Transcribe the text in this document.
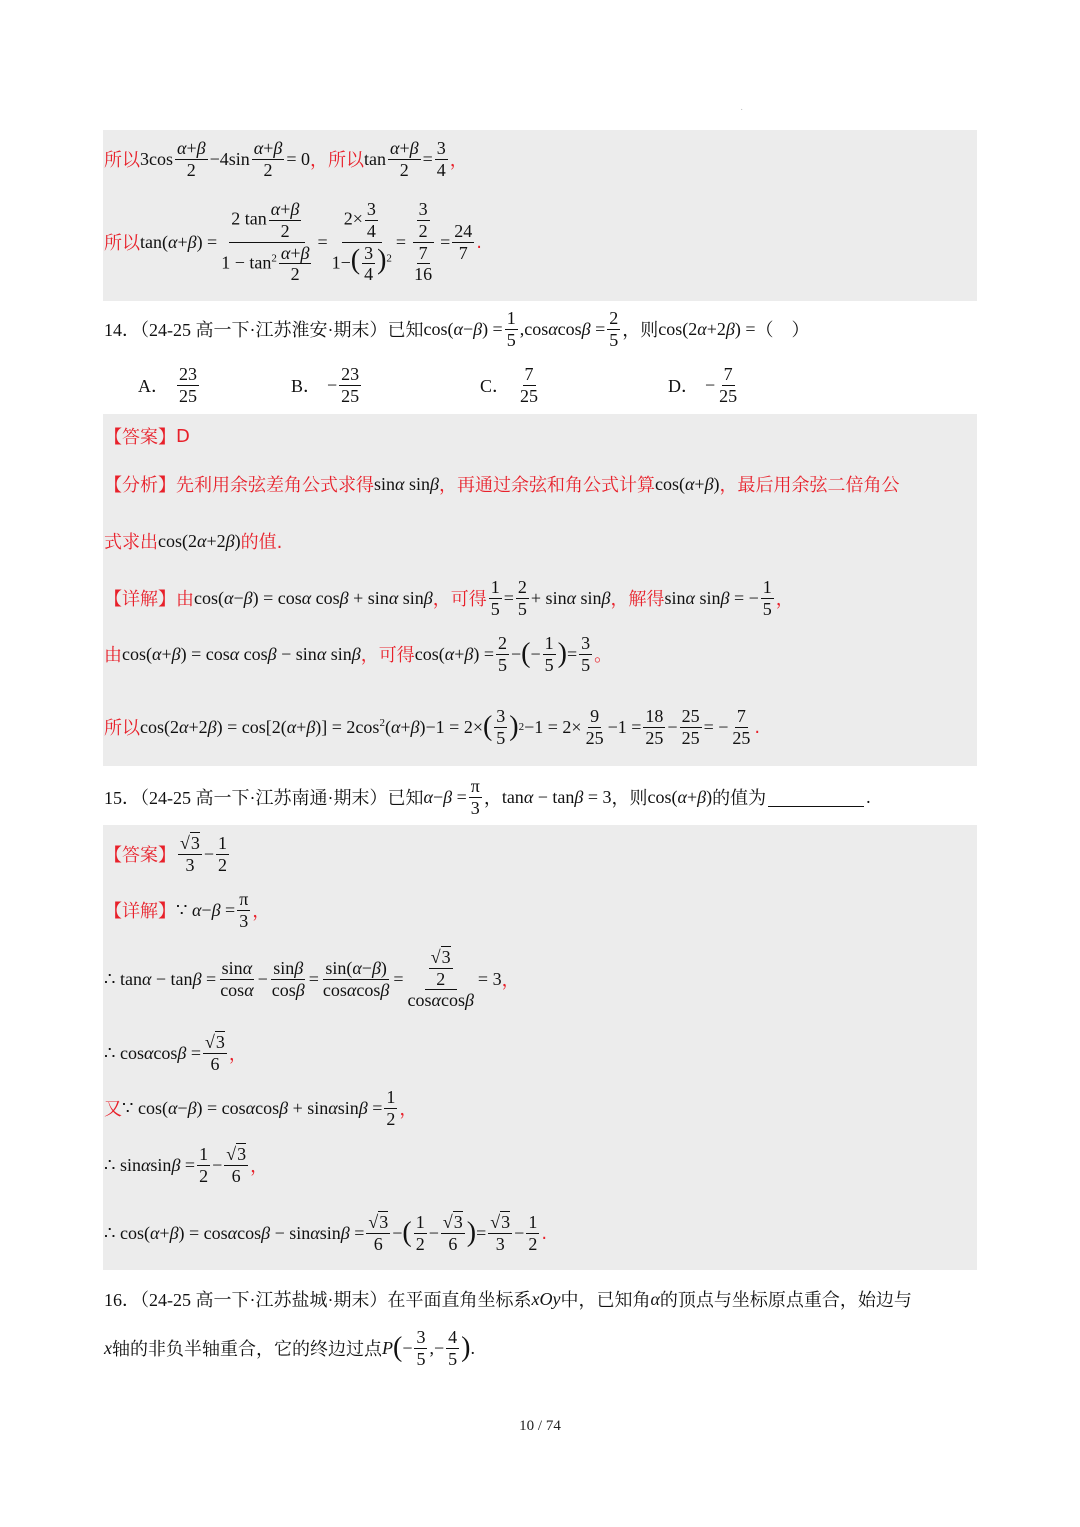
˙
所以 $3\cos \frac{\alpha+\beta}{2} -4\sin \frac{\alpha+\beta}{2} = 0$ ，所以 $\tan \frac{\alpha+\beta}{2} = \frac{3}{4}$ ，
所以 $\tan(\alpha+\beta) = \frac{2 \tan \frac{\alpha+\beta}{2}}{1 - \tan^2 \frac{\alpha+\beta}{2}} = \frac{2\times \frac{3}{4}}{1-( \frac{3}{4} )^2} = \frac{\frac{3}{2}}{\frac{7}{16}} = \frac{24}{7}$ .
14．（24-25 高一下·江苏淮安·期末）已知 $\cos(\alpha-\beta) = \frac{1}{5} ,\cos\alpha\cos\beta = \frac{2}{5}$ ，则 cos(2α+2β) = （　）
A． $\frac{23}{25}$	B． − $\frac{23}{25}$	C． $\frac{7}{25}$	D． − $\frac{7}{25}$
【答案】 D
【分析】 先利用余弦差角公式求得 sinα sinβ ，再通过余弦和角公式计算 cos(α+β) ，最后用余弦二倍角公
式求出 cos(2α+2β) 的值.
【详解】 由 cos(α−β) = cosα cosβ + sinα sinβ ，可得 $\frac{1}{5} = \frac{2}{5} + \sin\alpha$ sinβ ，解得 sinα sinβ = − $\frac{1}{5}$ ，
由 cos(α+β) = cosα cosβ − sinα sinβ ，可得 $\cos(\alpha+\beta) = \frac{2}{5}$ − ( − $\frac{1}{5}$ ) = $\frac{3}{5}$ 。
所以 $\cos(2\alpha+2\beta) = \cos[2(\alpha+\beta)] = 2\cos^2(\alpha+\beta)-1 = 2\times$ ( $\frac{3}{5}$ ) $2 -1 = 2\times \frac{9}{25} -1 = \frac{18}{25} - \frac{25}{25}$ = − $\frac{7}{25}$ .
15．（24-25 高一下·江苏南通·期末）已知 $\alpha-\beta = \frac{\pi}{3}$ ， tanα − tanβ = 3 ，则 cos(α+β) 的值为	.
【答案】 $\frac{√3}{3} - \frac{1}{2}$
【详解】 ∵ $\alpha-\beta = \frac{\pi}{3}$ ，
∴ $\tan\alpha - \tan\beta = \frac{\sin\alpha}{\cos\alpha} - \frac{\sin\beta}{\cos\beta} = \frac{\sin(\alpha-\beta)}{\cos\alpha\cos\beta} = \frac{\frac{√3}{2}}{\cos\alpha\cos\beta} = 3$ ，
∴ $\cos\alpha\cos\beta = \frac{√3}{6}$ ，
又 ∵ $\cos(\alpha-\beta) = \cos\alpha\cos\beta + \sin\alpha\sin\beta = \frac{1}{2}$ ，
∴ $\sin\alpha\sin\beta = \frac{1}{2} - \frac{√3}{6}$ ，
∴ $\cos(\alpha+\beta) = \cos\alpha\cos\beta - \sin\alpha\sin\beta = \frac{√3}{6}$ − ( $\frac{1}{2} - \frac{√3}{6}$ ) = $\frac{√3}{3} - \frac{1}{2}$ .
16．（24-25 高一下·江苏盐城·期末）在平面直角坐标系 xOy 中，已知角 α 的顶点与坐标原点重合，始边与
x 轴的非负半轴重合，它的终边过点 P ( − $\frac{3}{5}$ ,− $\frac{4}{5}$ ) .
10 / 74
